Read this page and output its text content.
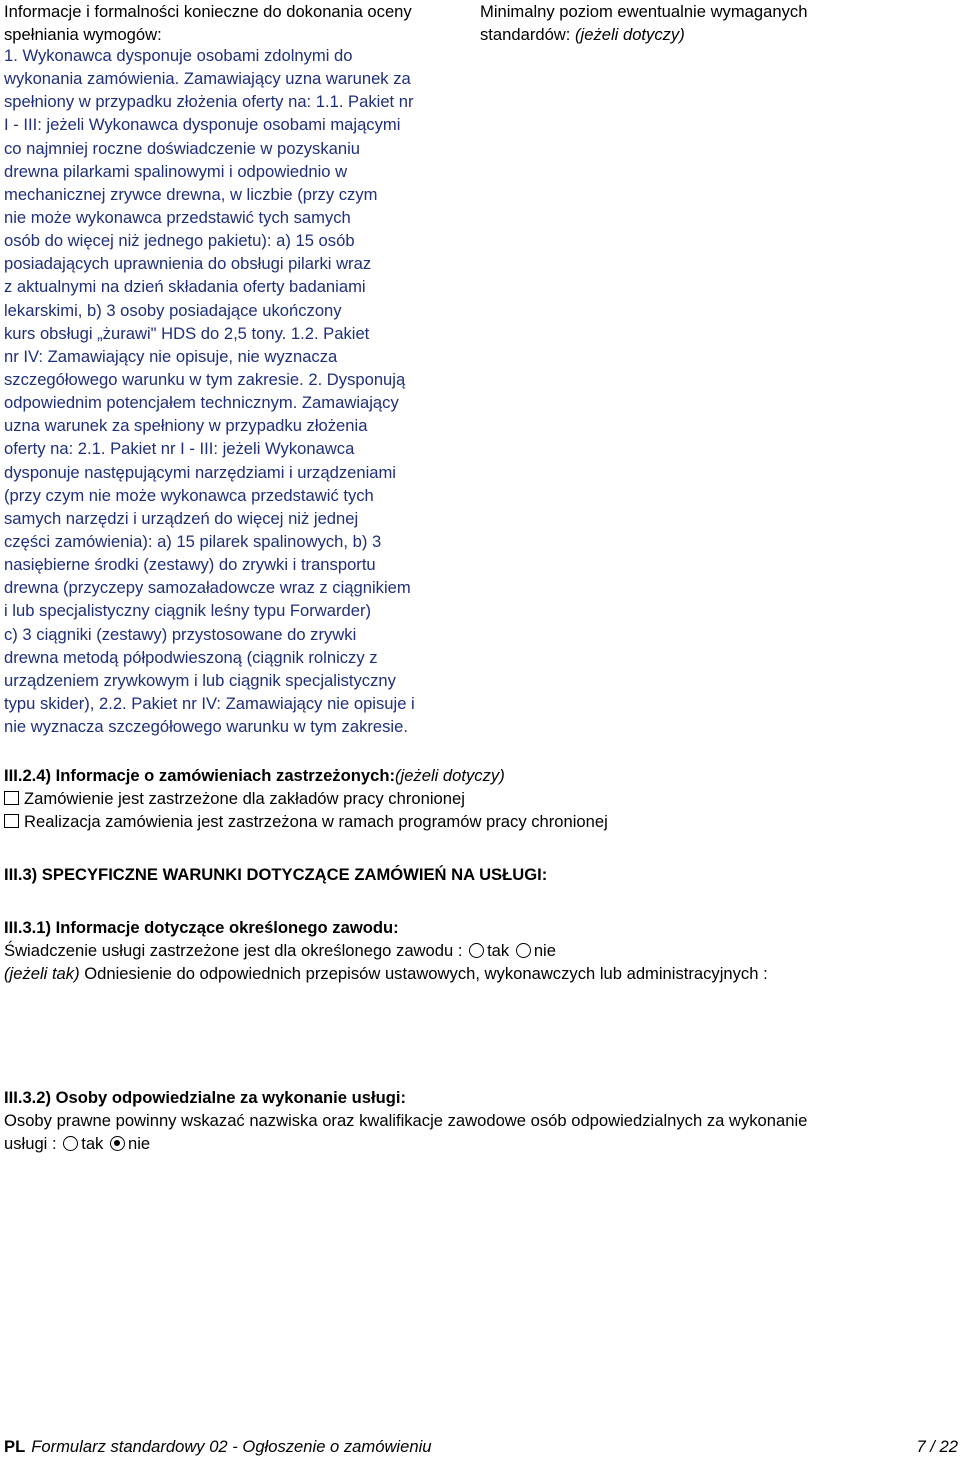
Informacje i formalności konieczne do dokonania oceny
spełniania wymogów:
Minimalny poziom ewentualnie wymaganych
standardów: (jeżeli dotyczy)
1. Wykonawca dysponuje osobami zdolnymi do
wykonania zamówienia. Zamawiający uzna warunek za
spełniony w przypadku złożenia oferty na: 1.1. Pakiet nr
I - III: jeżeli Wykonawca dysponuje osobami mającymi
co najmniej roczne doświadczenie w pozyskaniu
drewna pilarkami spalinowymi i odpowiednio w
mechanicznej zrywce drewna, w liczbie (przy czym
nie może wykonawca przedstawić tych samych
osób do więcej niż jednego pakietu): a) 15 osób
posiadających uprawnienia do obsługi pilarki wraz
z aktualnymi na dzień składania oferty badaniami
lekarskimi, b) 3 osoby posiadające ukończony
kurs obsługi „żurawi" HDS do 2,5 tony. 1.2. Pakiet
nr IV: Zamawiający nie opisuje, nie wyznacza
szczegółowego warunku w tym zakresie. 2. Dysponują
odpowiednim potencjałem technicznym. Zamawiający
uzna warunek za spełniony w przypadku złożenia
oferty na: 2.1. Pakiet nr I - III: jeżeli Wykonawca
dysponuje następującymi narzędziami i urządzeniami
(przy czym nie może wykonawca przedstawić tych
samych narzędzi i urządzeń do więcej niż jednej
części zamówienia): a) 15 pilarek spalinowych, b) 3
nasiębierne środki (zestawy) do zrywki i transportu
drewna (przyczepy samozaładowcze wraz z ciągnikiem
i lub specjalistyczny ciągnik leśny typu Forwarder)
c) 3 ciągniki (zestawy) przystosowane do zrywki
drewna metodą półpodwieszoną (ciągnik rolniczy z
urządzeniem zrywkowym i lub ciągnik specjalistyczny
typu skider), 2.2. Pakiet nr IV: Zamawiający nie opisuje i
nie wyznacza szczegółowego warunku w tym zakresie.
III.2.4) Informacje o zamówieniach zastrzeżonych:(jeżeli dotyczy)
Zamówienie jest zastrzeżone dla zakładów pracy chronionej
Realizacja zamówienia jest zastrzeżona w ramach programów pracy chronionej
III.3) SPECYFICZNE WARUNKI DOTYCZĄCE ZAMÓWIEŃ NA USŁUGI:
III.3.1) Informacje dotyczące określonego zawodu:
Świadczenie usługi zastrzeżone jest dla określonego zawodu : tak nie
(jeżeli tak) Odniesienie do odpowiednich przepisów ustawowych, wykonawczych lub administracyjnych :
III.3.2) Osoby odpowiedzialne za wykonanie usługi:
Osoby prawne powinny wskazać nazwiska oraz kwalifikacje zawodowe osób odpowiedzialnych za wykonanie
usługi : tak nie
PL Formularz standardowy 02 - Ogłoszenie o zamówieniu	7 / 22
